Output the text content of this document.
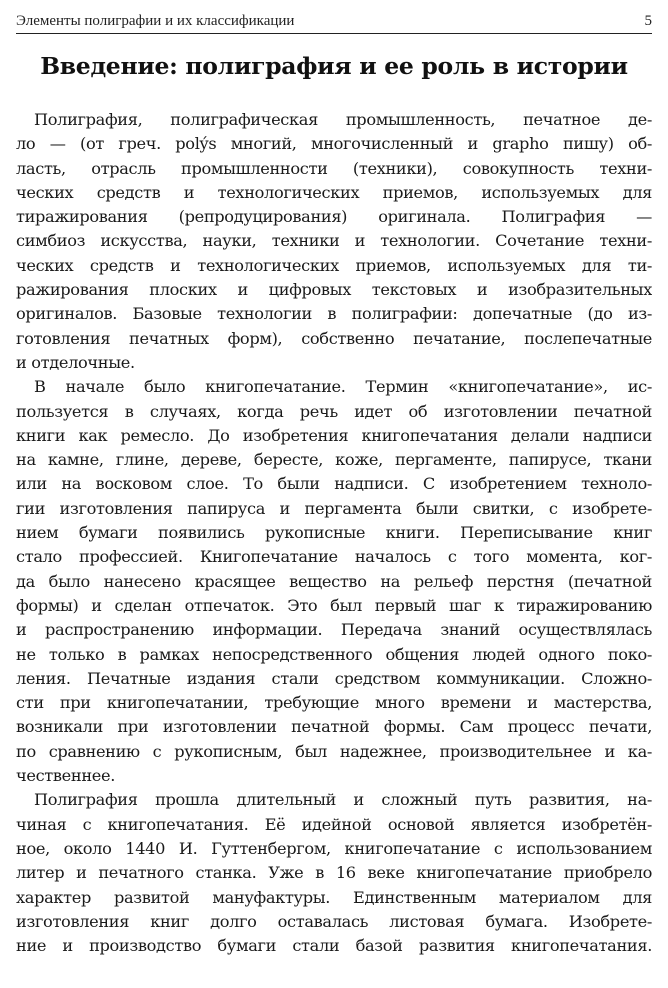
Элементы полиграфии и их классификации	5
Введение: полиграфия и ее роль в истории
Полиграфия, полиграфическая промышленность, печатное де-
ло — (от греч. polýs многий, многочисленный и graphо пишу) об-
ласть, отрасль промышленности (техники), совокупность техни-
ческих средств и технологических приемов, используемых для
тиражирования (репродуцирования) оригинала. Полиграфия —
симбиоз искусства, науки, техники и технологии. Сочетание техни-
ческих средств и технологических приемов, используемых для ти-
ражирования плоских и цифровых текстовых и изобразительных
оригиналов. Базовые технологии в полиграфии: допечатные (до из-
готовления печатных форм), собственно печатание, послепечатные
и отделочные.
В начале было книгопечатание. Термин «книгопечатание», ис-
пользуется в случаях, когда речь идет об изготовлении печатной
книги как ремесло. До изобретения книгопечатания делали надписи
на камне, глине, дереве, бересте, коже, пергаменте, папирусе, ткани
или на восковом слое. То были надписи. С изобретением техноло-
гии изготовления папируса и пергамента были свитки, с изобрете-
нием бумаги появились рукописные книги. Переписывание книг
стало профессией. Книгопечатание началось с того момента, ког-
да было нанесено красящее вещество на рельеф перстня (печатной
формы) и сделан отпечаток. Это был первый шаг к тиражированию
и распространению информации. Передача знаний осуществлялась
не только в рамках непосредственного общения людей одного поко-
ления. Печатные издания стали средством коммуникации. Сложно-
сти при книгопечатании, требующие много времени и мастерства,
возникали при изготовлении печатной формы. Сам процесс печати,
по сравнению с рукописным, был надежнее, производительнее и ка-
чественнее.
Полиграфия прошла длительный и сложный путь развития, на-
чиная с книгопечатания. Её идейной основой является изобретён-
ное, около 1440 И. Гуттенбергом, книгопечатание с использованием
литер и печатного станка. Уже в 16 веке книгопечатание приобрело
характер развитой мануфактуры. Единственным материалом для
изготовления книг долго оставалась листовая бумага. Изобрете-
ние и производство бумаги стали базой развития книгопечатания.
